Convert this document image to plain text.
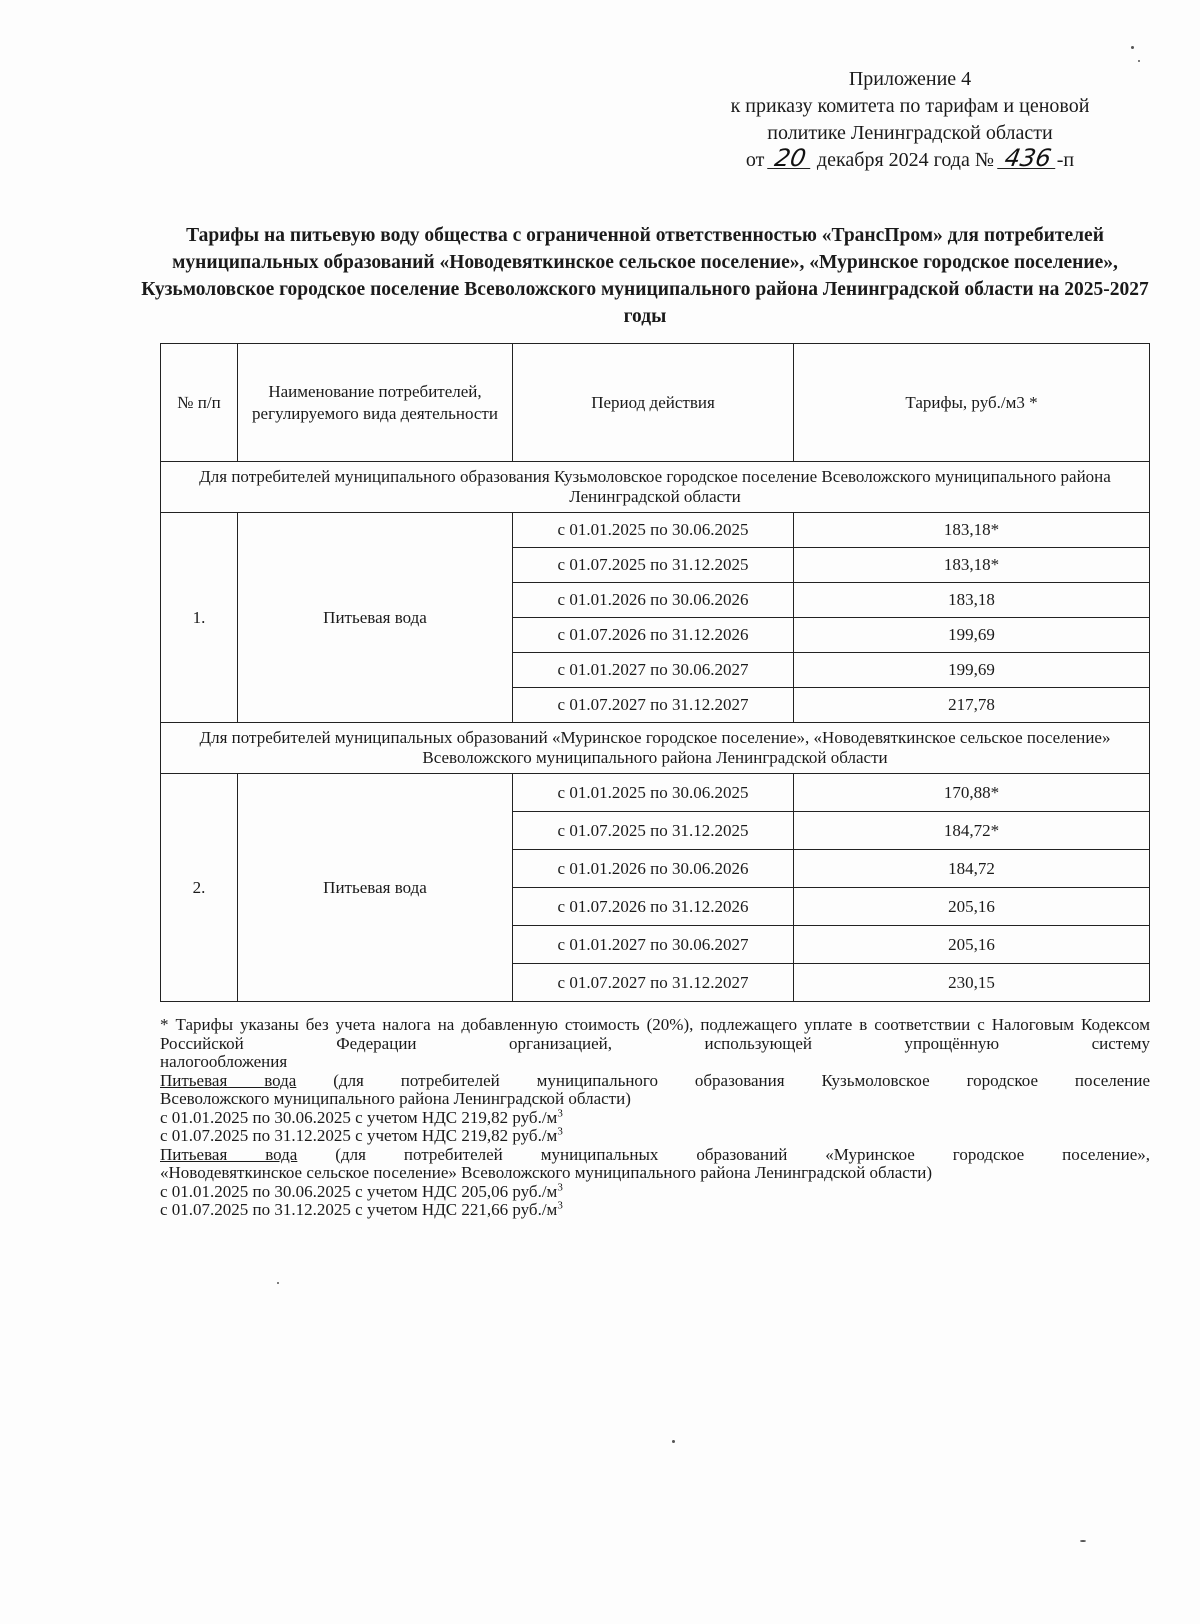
Приложение 4
к приказу комитета по тарифам и ценовой
политике Ленинградской области
от 20 декабря 2024 года № 436 -п
Тарифы на питьевую воду общества с ограниченной ответственностью «ТрансПром» для потребителей муниципальных образований «Новодевяткинское сельское поселение», «Муринское городское поселение», Кузьмоловское городское поселение Всеволожского муниципального района Ленинградской области на 2025-2027 годы
№ п/п	Наименование потребителей, регулируемого вида деятельности	Период действия	Тарифы, руб./м3 *
Для потребителей муниципального образования Кузьмоловское городское поселение Всеволожского муниципального района Ленинградской области			
1.	Питьевая вода	с 01.01.2025 по 30.06.2025	183,18*
		с 01.07.2025 по 31.12.2025	183,18*
		с 01.01.2026 по 30.06.2026	183,18
		с 01.07.2026 по 31.12.2026	199,69
		с 01.01.2027 по 30.06.2027	199,69
		с 01.07.2027 по 31.12.2027	217,78
Для потребителей муниципальных образований «Муринское городское поселение», «Новодевяткинское сельское поселение» Всеволожского муниципального района Ленинградской области			
2.	Питьевая вода	с 01.01.2025 по 30.06.2025	170,88*
		с 01.07.2025 по 31.12.2025	184,72*
		с 01.01.2026 по 30.06.2026	184,72
		с 01.07.2026 по 31.12.2026	205,16
		с 01.01.2027 по 30.06.2027	205,16
		с 01.07.2027 по 31.12.2027	230,15

* Тарифы указаны без учета налога на добавленную стоимость (20%), подлежащего уплате в соответствии с Налоговым Кодексом Российской Федерации организацией, использующей упрощённую систему

налогообложения

Питьевая вода (для потребителей муниципального образования Кузьмоловское городское поселение

Всеволожского муниципального района Ленинградской области)

с 01.01.2025 по 30.06.2025 с учетом НДС 219,82 $руб./м^3$

с 01.07.2025 по 31.12.2025 с учетом НДС 219,82 $руб./м^3$

Питьевая вода (для потребителей муниципальных образований «Муринское городское поселение»,

«Новодевяткинское сельское поселение» Всеволожского муниципального района Ленинградской области)

с 01.01.2025 по 30.06.2025 с учетом НДС 205,06 $руб./м^3$

с 01.07.2025 по 31.12.2025 с учетом НДС 221,66 $руб./м^3$
